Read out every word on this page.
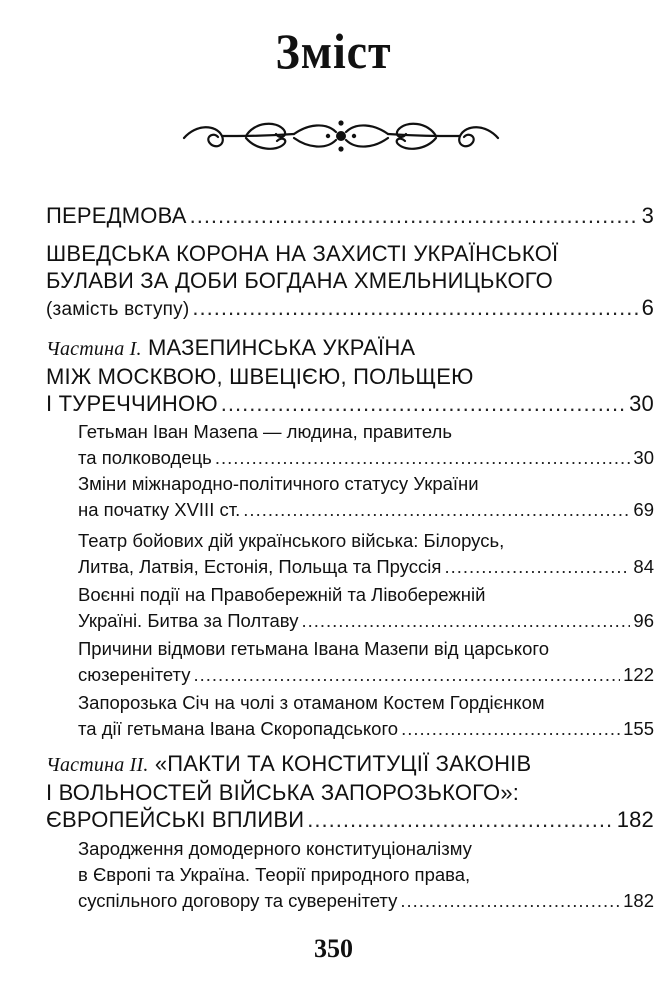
Зміст
ПЕРЕДМОВА .....	3
ШВЕДСЬКА КОРОНА НА ЗАХИСТІ УКРАЇНСЬКОЇ
БУЛАВИ ЗА ДОБИ БОГДАНА ХМЕЛЬНИЦЬКОГО
(замість вступу) .....	6
Частина I. МАЗЕПИНСЬКА УКРАЇНА
МІЖ МОСКВОЮ, ШВЕЦІЄЮ, ПОЛЬЩЕЮ
І ТУРЕЧЧИНОЮ .....	30
Гетьман Іван Мазепа — людина, правитель
та полководець .....	30
Зміни міжнародно-політичного статусу України
на початку XVIII ст. .....	69
Театр бойових дій українського війська: Білорусь,
Литва, Латвія, Естонія, Польща та Пруссія .....	84
Воєнні події на Правобережній та Лівобережній
Україні. Битва за Полтаву .....	96
Причини відмови гетьмана Івана Мазепи від царського
сюзеренітету .....	122
Запорозька Січ на чолі з отаманом Костем Гордієнком
та дії гетьмана Івана Скоропадського .....	155
Частина II. «ПАКТИ ТА КОНСТИТУЦІЇ ЗАКОНІВ
І ВОЛЬНОСТЕЙ ВІЙСЬКА ЗАПОРОЗЬКОГО»:
ЄВРОПЕЙСЬКІ ВПЛИВИ .....	182
Зародження домодерного конституціоналізму
в Європі та Україна. Теорії природного права,
суспільного договору та суверенітету .....	182
350
